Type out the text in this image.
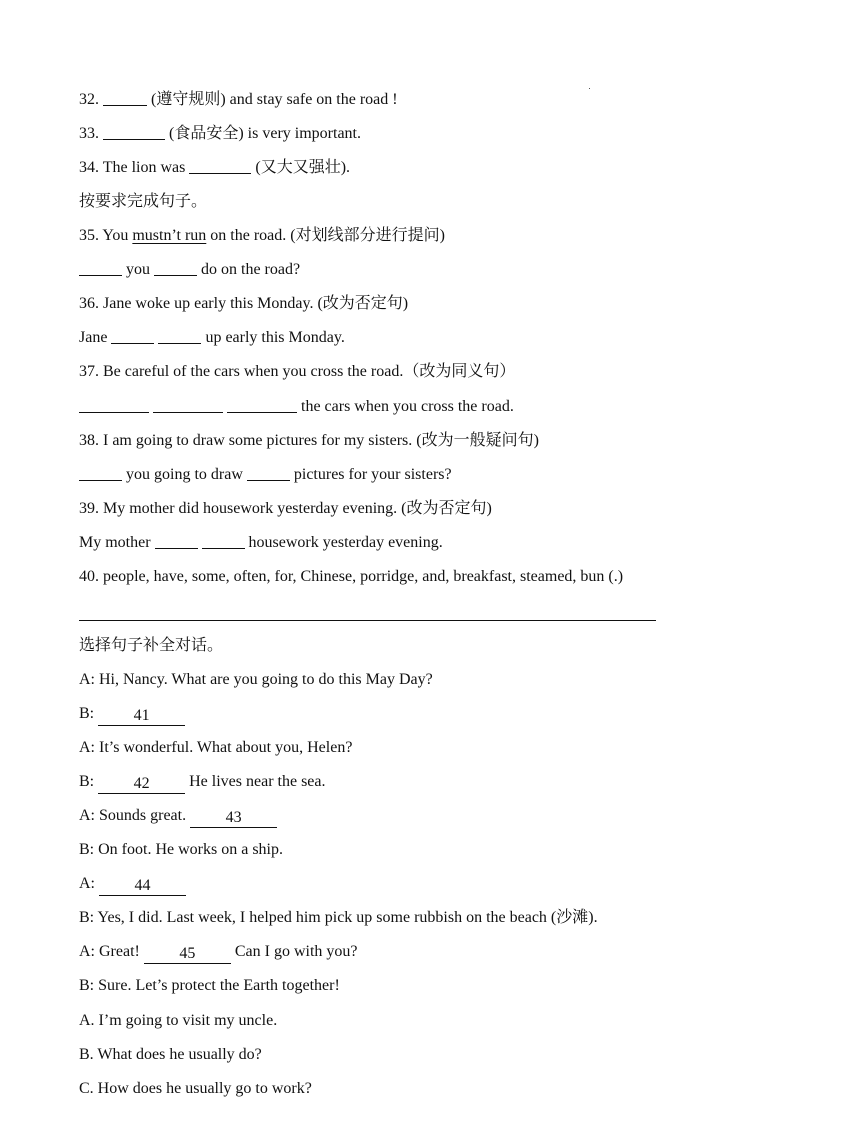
32.	(遵守规则) and stay safe on the road !
33.	(食品安全) is very important.
34. The lion was	(又大又强壮).
按要求完成句子。
35. You mustn’t run on the road. (对划线部分进行提问)
you	do on the road?
36. Jane woke up early this Monday. (改为否定句)
Jane	up early this Monday.
37. Be careful of the cars when you cross the road.（改为同义句）
the cars when you cross the road.
38. I am going to draw some pictures for my sisters. (改为一般疑问句)
you going to draw	pictures for your sisters?
39. My mother did housework yesterday evening. (改为否定句)
My mother	housework yesterday evening.
40. people, have, some, often, for, Chinese, porridge, and, breakfast, steamed, bun (.)
选择句子补全对话。
A: Hi, Nancy. What are you going to do this May Day?
B: 41
A: It’s wonderful. What about you, Helen?
B: 42 He lives near the sea.
A: Sounds great. 43
B: On foot. He works on a ship.
A: 44
B: Yes, I did. Last week, I helped him pick up some rubbish on the beach (沙滩).
A: Great! 45 Can I go with you?
B: Sure. Let’s protect the Earth together!
A. I’m going to visit my uncle.
B. What does he usually do?
C. How does he usually go to work?
